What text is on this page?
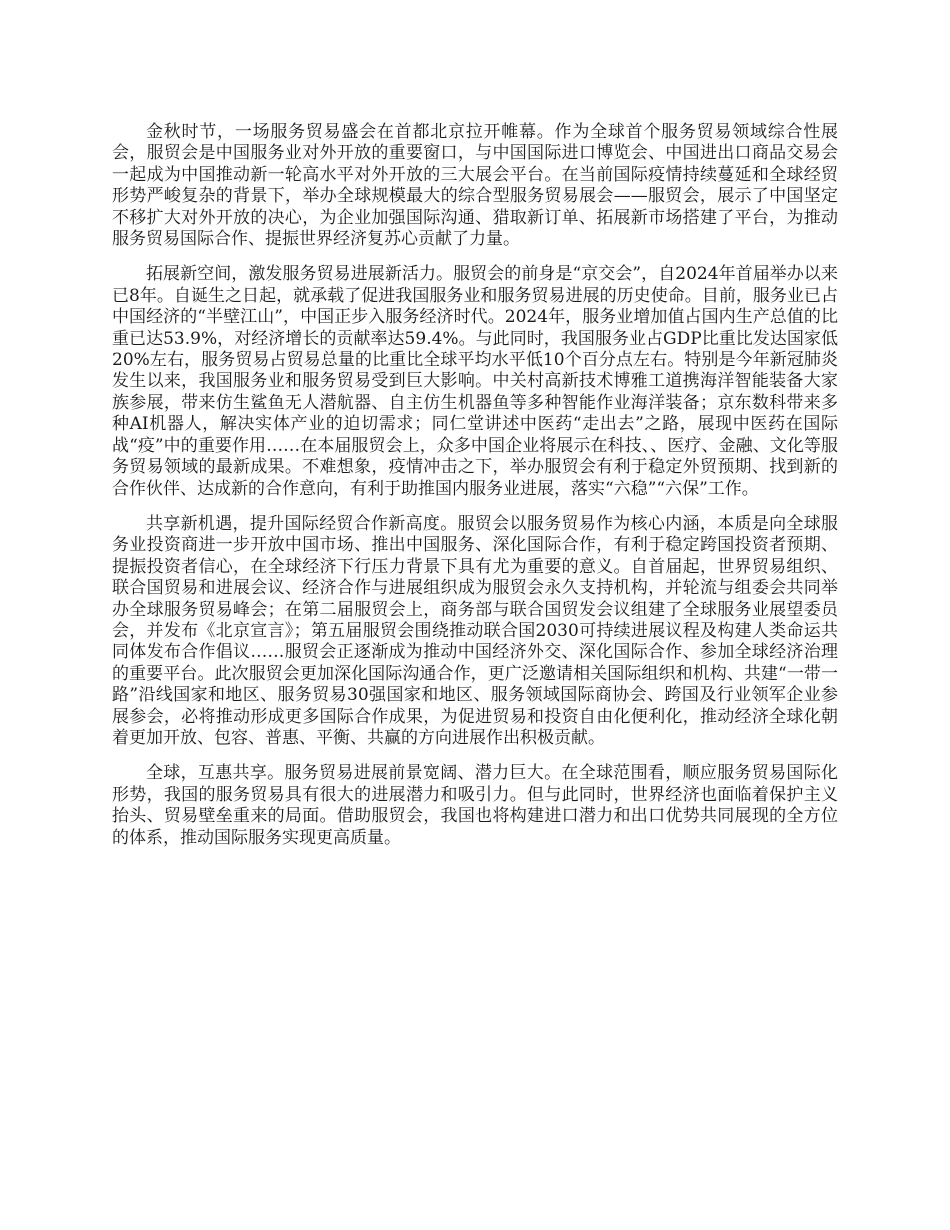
金秋时节，一场服务贸易盛会在首都北京拉开帷幕。作为全球首个服务贸易领域综合性展会，服贸会是中国服务业对外开放的重要窗口，与中国国际进口博览会、中国进出口商品交易会一起成为中国推动新一轮高水平对外开放的三大展会平台。在当前国际疫情持续蔓延和全球经贸形势严峻复杂的背景下，举办全球规模最大的综合型服务贸易展会——服贸会，展示了中国坚定不移扩大对外开放的决心，为企业加强国际沟通、猎取新订单、拓展新市场搭建了平台，为推动服务贸易国际合作、提振世界经济复苏心贡献了力量。

拓展新空间，激发服务贸易进展新活力。服贸会的前身是“京交会”，自2024年首届举办以来已8年。自诞生之日起，就承载了促进我国服务业和服务贸易进展的历史使命。目前，服务业已占中国经济的“半壁江山”，中国正步入服务经济时代。2024年，服务业增加值占国内生产总值的比重已达53.9%，对经济增长的贡献率达59.4%。与此同时，我国服务业占GDP比重比发达国家低20%左右，服务贸易占贸易总量的比重比全球平均水平低10个百分点左右。特别是今年新冠肺炎发生以来，我国服务业和服务贸易受到巨大影响。中关村高新技术博雅工道携海洋智能装备大家族参展，带来仿生鲨鱼无人潜航器、自主仿生机器鱼等多种智能作业海洋装备；京东数科带来多种AI机器人，解决实体产业的迫切需求；同仁堂讲述中医药“走出去”之路，展现中医药在国际战“疫”中的重要作用……在本届服贸会上，众多中国企业将展示在科技、、医疗、金融、文化等服务贸易领域的最新成果。不难想象，疫情冲击之下，举办服贸会有利于稳定外贸预期、找到新的合作伙伴、达成新的合作意向，有利于助推国内服务业进展，落实“六稳”“六保”工作。

共享新机遇，提升国际经贸合作新高度。服贸会以服务贸易作为核心内涵，本质是向全球服务业投资商进一步开放中国市场、推出中国服务、深化国际合作，有利于稳定跨国投资者预期、提振投资者信心，在全球经济下行压力背景下具有尤为重要的意义。自首届起，世界贸易组织、联合国贸易和进展会议、经济合作与进展组织成为服贸会永久支持机构，并轮流与组委会共同举办全球服务贸易峰会；在第二届服贸会上，商务部与联合国贸发会议组建了全球服务业展望委员会，并发布《北京宣言》；第五届服贸会围绕推动联合国2030可持续进展议程及构建人类命运共同体发布合作倡议……服贸会正逐渐成为推动中国经济外交、深化国际合作、参加全球经济治理的重要平台。此次服贸会更加深化国际沟通合作，更广泛邀请相关国际组织和机构、共建“一带一路”沿线国家和地区、服务贸易30强国家和地区、服务领域国际商协会、跨国及行业领军企业参展参会，必将推动形成更多国际合作成果，为促进贸易和投资自由化便利化，推动经济全球化朝着更加开放、包容、普惠、平衡、共赢的方向进展作出积极贡献。

全球，互惠共享。服务贸易进展前景宽阔、潜力巨大。在全球范围看，顺应服务贸易国际化形势，我国的服务贸易具有很大的进展潜力和吸引力。但与此同时，世界经济也面临着保护主义抬头、贸易壁垒重来的局面。借助服贸会，我国也将构建进口潜力和出口优势共同展现的全方位的体系，推动国际服务实现更高质量。
